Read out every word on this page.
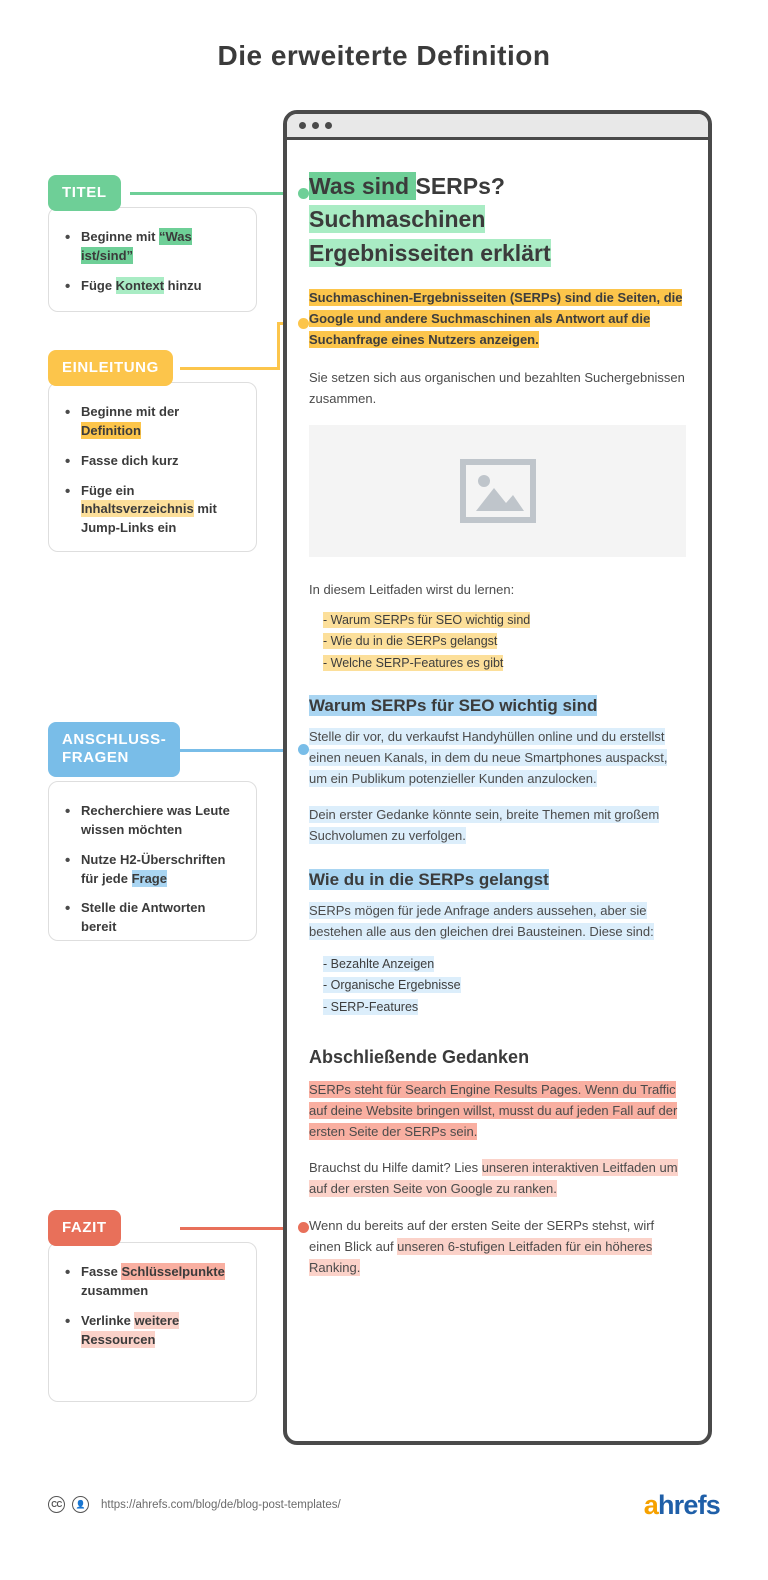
Die erweiterte Definition
Was sind SERPs?
Suchmaschinen
Ergebnisseiten erklärt

Suchmaschinen-Ergebnisseiten (SERPs) sind die Seiten, die Google und andere Suchmaschinen als Antwort auf die Suchanfrage eines Nutzers anzeigen.

Sie setzen sich aus organischen und bezahlten Suchergebnissen zusammen.

In diesem Leitfaden wirst du lernen:

- Warum SERPs für SEO wichtig sind
- Wie du in die SERPs gelangst
- Welche SERP-Features es gibt
Warum SERPs für SEO wichtig sind

Stelle dir vor, du verkaufst Handyhüllen online und du erstellst einen neuen Kanals, in dem du neue Smartphones auspackst, um ein Publikum potenzieller Kunden anzulocken.

Dein erster Gedanke könnte sein, breite Themen mit großem Suchvolumen zu verfolgen.

Wie du in die SERPs gelangst

SERPs mögen für jede Anfrage anders aussehen, aber sie bestehen alle aus den gleichen drei Bausteinen. Diese sind:

- Bezahlte Anzeigen
- Organische Ergebnisse
- SERP-Features
Abschließende Gedanken

SERPs steht für Search Engine Results Pages. Wenn du Traffic auf deine Website bringen willst, musst du auf jeden Fall auf der ersten Seite der SERPs sein.

Brauchst du Hilfe damit? Lies unseren interaktiven Leitfaden um auf der ersten Seite von Google zu ranken.

Wenn du bereits auf der ersten Seite der SERPs stehst, wirf einen Blick auf unseren 6-stufigen Leitfaden für ein höheres Ranking.

• Beginne mit “Was ist/sind”
• Füge Kontext hinzu
TITEL
• Beginne mit der Definition
• Fasse dich kurz
• Füge ein Inhaltsverzeichnis mit Jump-Links ein
EINLEITUNG
• Recherchiere was Leute wissen möchten
• Nutze H2-Überschriften für jede Frage
• Stelle die Antworten bereit
ANSCHLUSS-
FRAGEN
• Fasse Schlüsselpunkte zusammen
• Verlinke weitere Ressourcen
FAZIT
CC	👤	https://ahrefs.com/blog/de/blog-post-templates/	ahrefs
